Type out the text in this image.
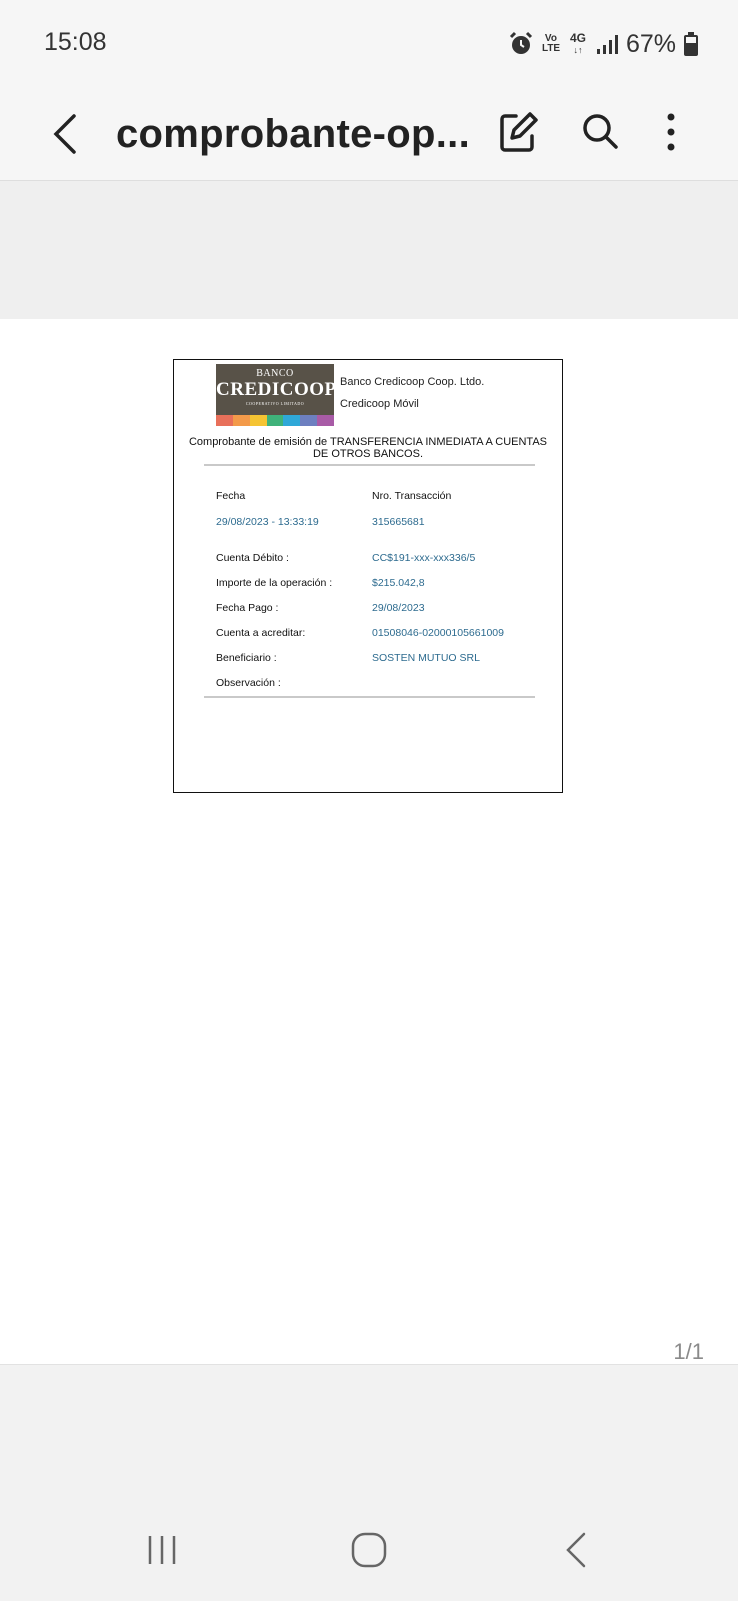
15:08	Vo
LTE
4G
↓↑ 67%
comprobante-op...
BANCO
CREDICOOP
COOPERATIVO LIMITADO
Banco Credicoop Coop. Ltdo.
Credicoop Móvil
Comprobante de emisión de TRANSFERENCIA INMEDIATA A CUENTAS
DE OTROS BANCOS.
Fecha	Nro. Transacción
29/08/2023 - 13:33:19	315665681
Cuenta Débito :	CC$191-xxx-xxx336/5
Importe de la operación :	$215.042,8
Fecha Pago :	29/08/2023
Cuenta a acreditar:	01508046-02000105661009
Beneficiario :	SOSTEN MUTUO SRL
Observación :
1/1
